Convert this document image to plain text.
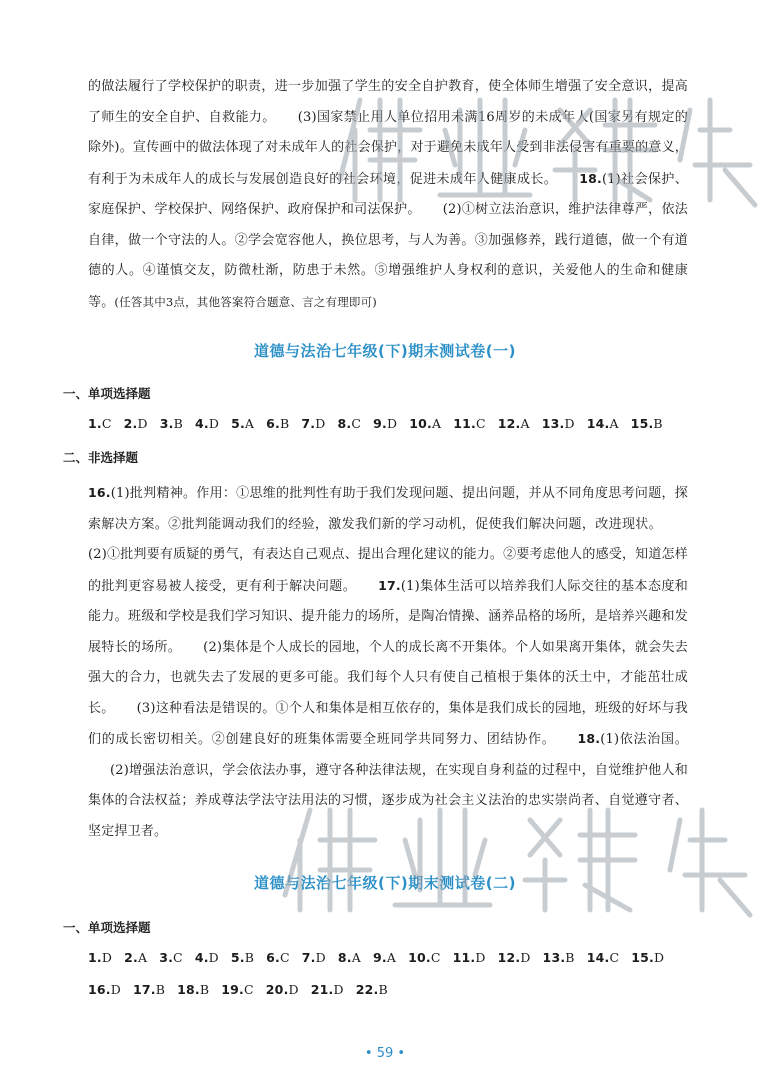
的做法履行了学校保护的职责，进一步加强了学生的安全自护教育，使全体师生增强了安全意识，提高了师生的安全自护、自救能力。 (3)国家禁止用人单位招用未满16周岁的未成年人(国家另有规定的除外)。宣传画中的做法体现了对未成年人的社会保护，对于避免未成年人受到非法侵害有重要的意义，有利于为未成年人的成长与发展创造良好的社会环境，促进未成年人健康成长。 18.(1)社会保护、家庭保护、学校保护、网络保护、政府保护和司法保护。 (2)①树立法治意识，维护法律尊严，依法自律，做一个守法的人。②学会宽容他人，换位思考，与人为善。③加强修养，践行道德，做一个有道德的人。④谨慎交友，防微杜渐，防患于未然。⑤增强维护人身权利的意识，关爱他人的生命和健康等。(任答其中3点，其他答案符合题意、言之有理即可)
道德与法治七年级(下)期末测试卷(一)
一、单项选择题
1.C 2.D 3.B 4.D 5.A 6.B 7.D 8.C 9.D 10.A 11.C 12.A 13.D 14.A 15.B
二、非选择题
16.(1)批判精神。作用：①思维的批判性有助于我们发现问题、提出问题，并从不同角度思考问题，探索解决方案。②批判能调动我们的经验，激发我们新的学习动机，促使我们解决问题，改进现状。(2)①批判要有质疑的勇气，有表达自己观点、提出合理化建议的能力。②要考虑他人的感受，知道怎样的批判更容易被人接受，更有利于解决问题。 17.(1)集体生活可以培养我们人际交往的基本态度和能力。班级和学校是我们学习知识、提升能力的场所，是陶冶情操、涵养品格的场所，是培养兴趣和发展特长的场所。 (2)集体是个人成长的园地，个人的成长离不开集体。个人如果离开集体，就会失去强大的合力，也就失去了发展的更多可能。我们每个人只有使自己植根于集体的沃土中，才能茁壮成长。 (3)这种看法是错误的。①个人和集体是相互依存的，集体是我们成长的园地，班级的好坏与我们的成长密切相关。②创建良好的班集体需要全班同学共同努力、团结协作。 18.(1)依法治国。(2)增强法治意识，学会依法办事，遵守各种法律法规，在实现自身利益的过程中，自觉维护他人和集体的合法权益；养成尊法学法守法用法的习惯，逐步成为社会主义法治的忠实崇尚者、自觉遵守者、坚定捍卫者。
道德与法治七年级(下)期末测试卷(二)
一、单项选择题
1.D 2.A 3.C 4.D 5.B 6.C 7.D 8.A 9.A 10.C 11.D 12.D 13.B 14.C 15.D
16.D 17.B 18.B 19.C 20.D 21.D 22.B
• 59 •
